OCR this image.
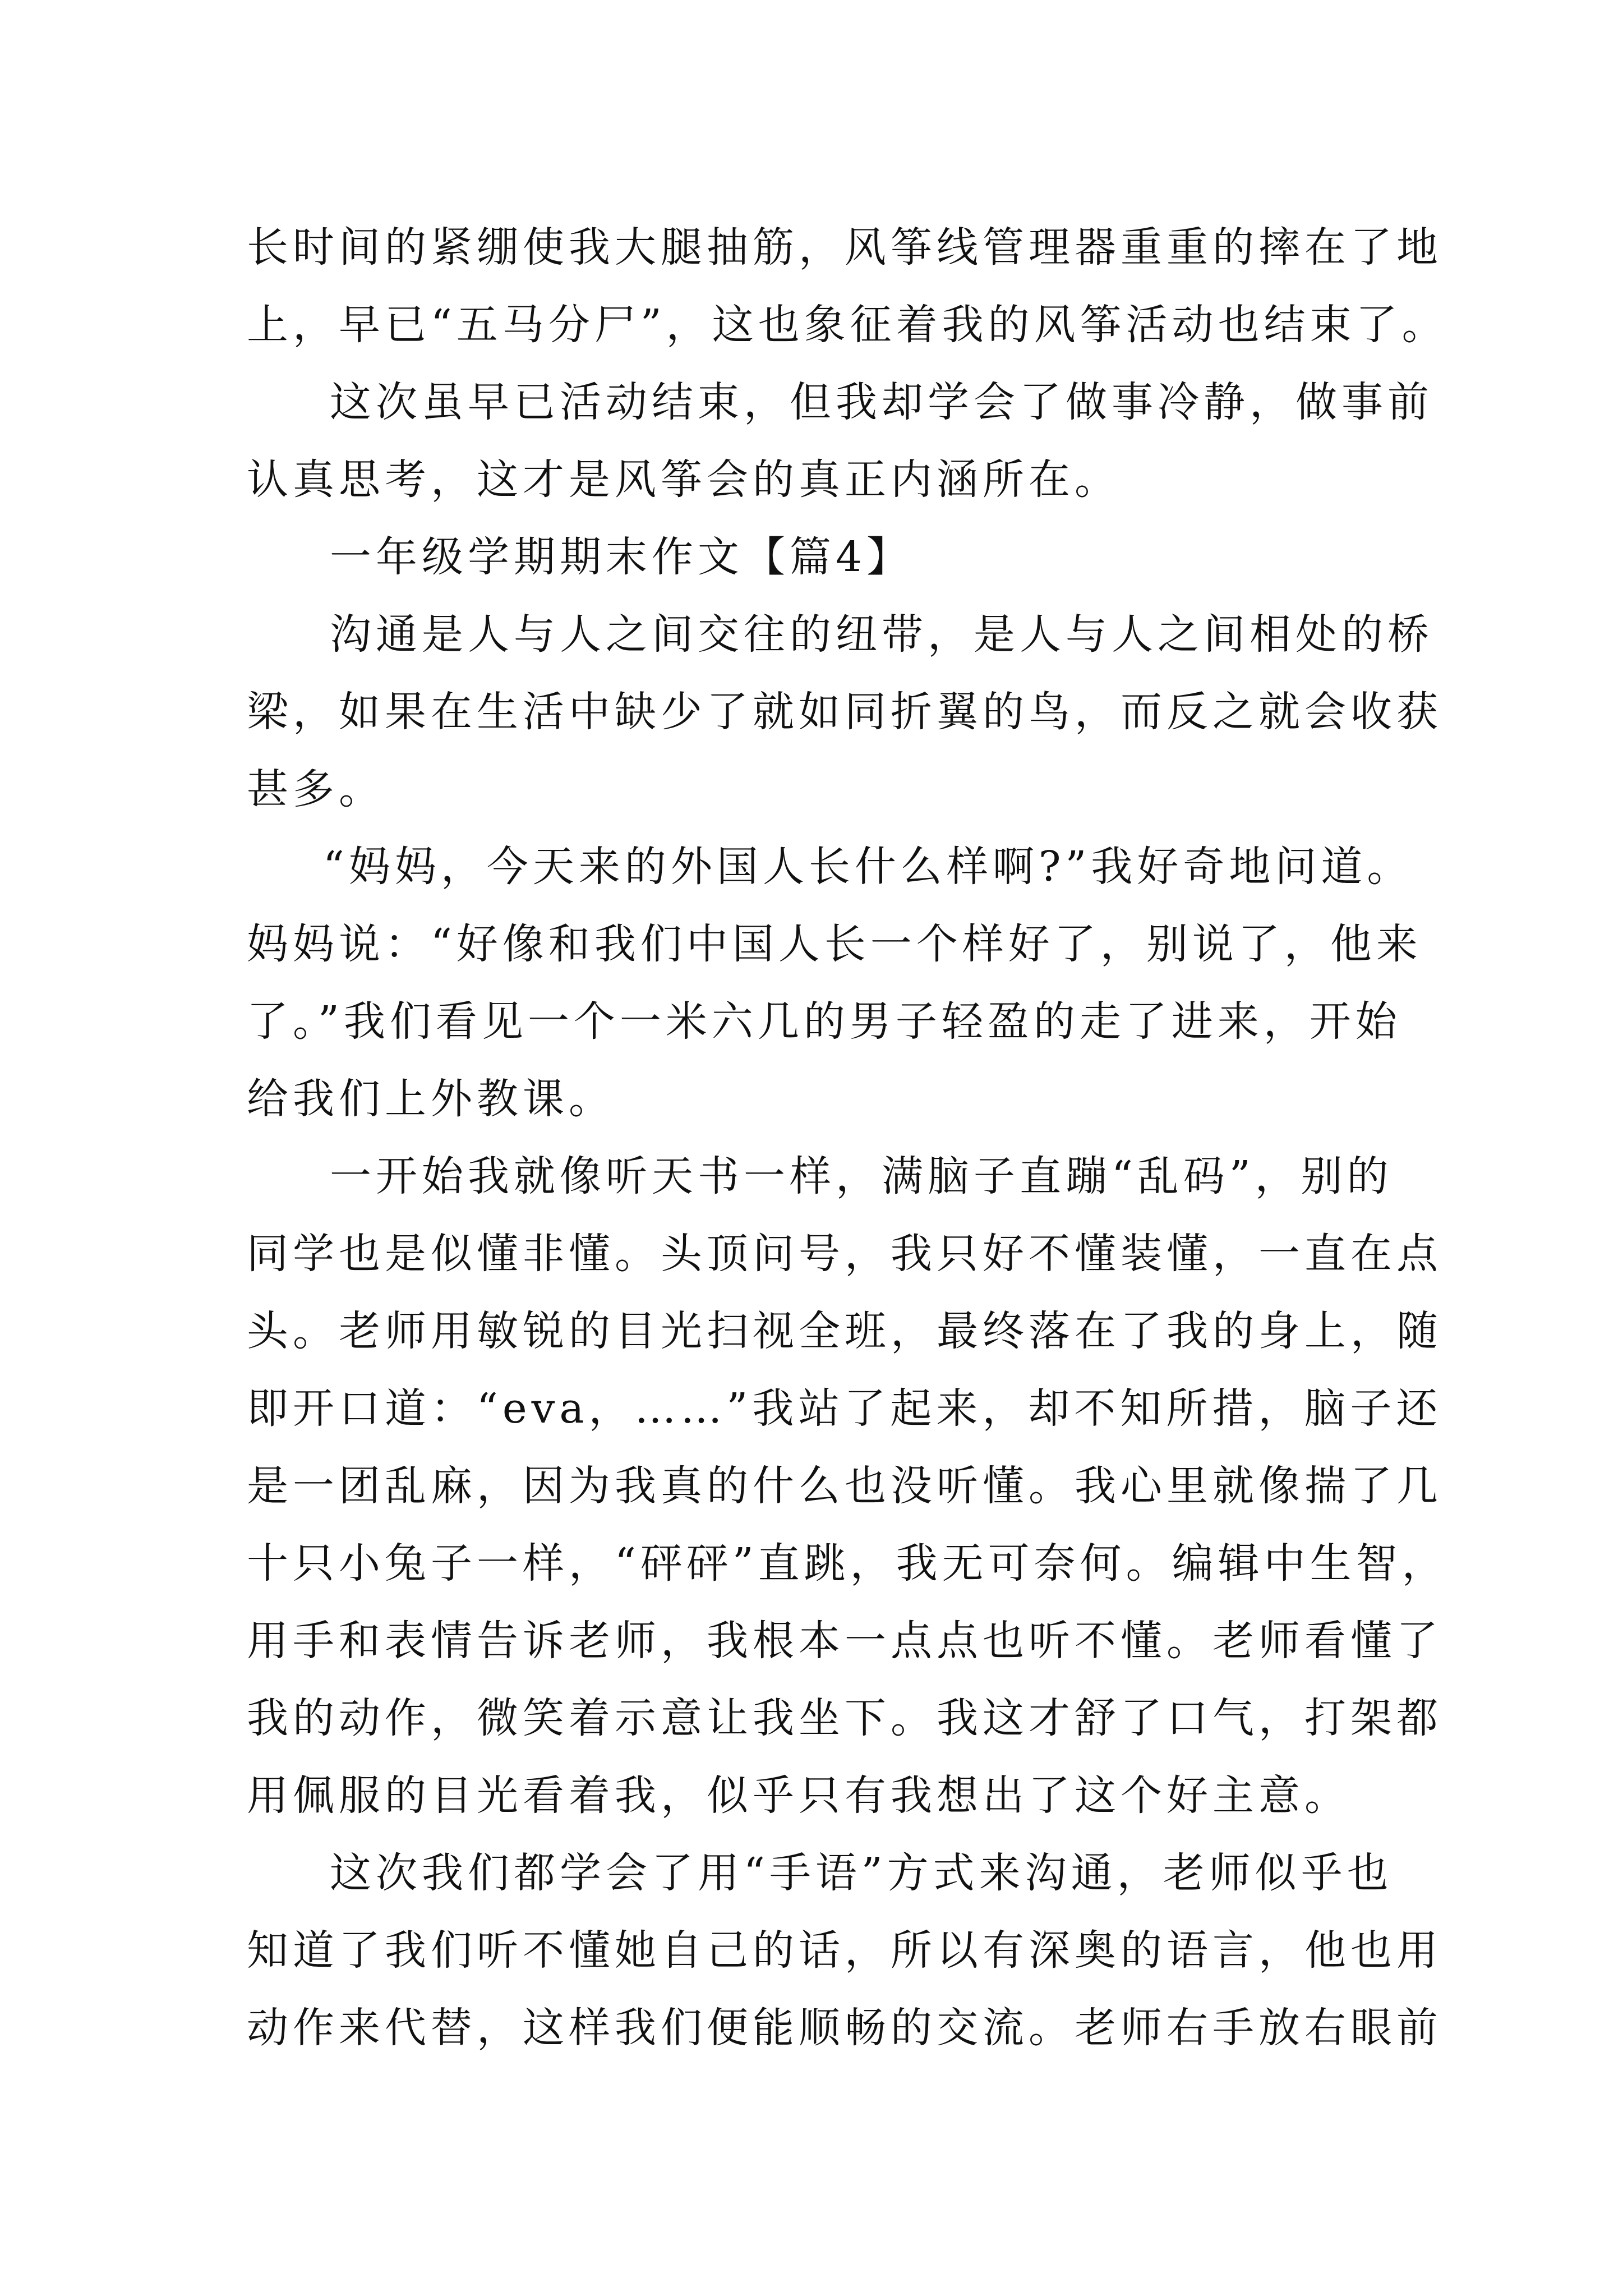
长时间的紧绷使我大腿抽筋，风筝线管理器重重的摔在了地
上，早已“五马分尸”，这也象征着我的风筝活动也结束了。
这次虽早已活动结束，但我却学会了做事冷静，做事前
认真思考，这才是风筝会的真正内涵所在。
一年级学期期末作文【篇4】
沟通是人与人之间交往的纽带，是人与人之间相处的桥
梁，如果在生活中缺少了就如同折翼的鸟，而反之就会收获
甚多。
“妈妈，今天来的外国人长什么样啊?”我好奇地问道。
妈妈说：“好像和我们中国人长一个样好了，别说了，他来
了。”我们看见一个一米六几的男子轻盈的走了进来，开始
给我们上外教课。
一开始我就像听天书一样，满脑子直蹦“乱码”，别的
同学也是似懂非懂。头顶问号，我只好不懂装懂，一直在点
头。老师用敏锐的目光扫视全班，最终落在了我的身上，随
即开口道：“eva，……”我站了起来，却不知所措，脑子还
是一团乱麻，因为我真的什么也没听懂。我心里就像揣了几
十只小兔子一样，“砰砰”直跳，我无可奈何。编辑中生智，
用手和表情告诉老师，我根本一点点也听不懂。老师看懂了
我的动作，微笑着示意让我坐下。我这才舒了口气，打架都
用佩服的目光看着我，似乎只有我想出了这个好主意。
这次我们都学会了用“手语”方式来沟通，老师似乎也
知道了我们听不懂她自己的话，所以有深奥的语言，他也用
动作来代替，这样我们便能顺畅的交流。老师右手放右眼前
